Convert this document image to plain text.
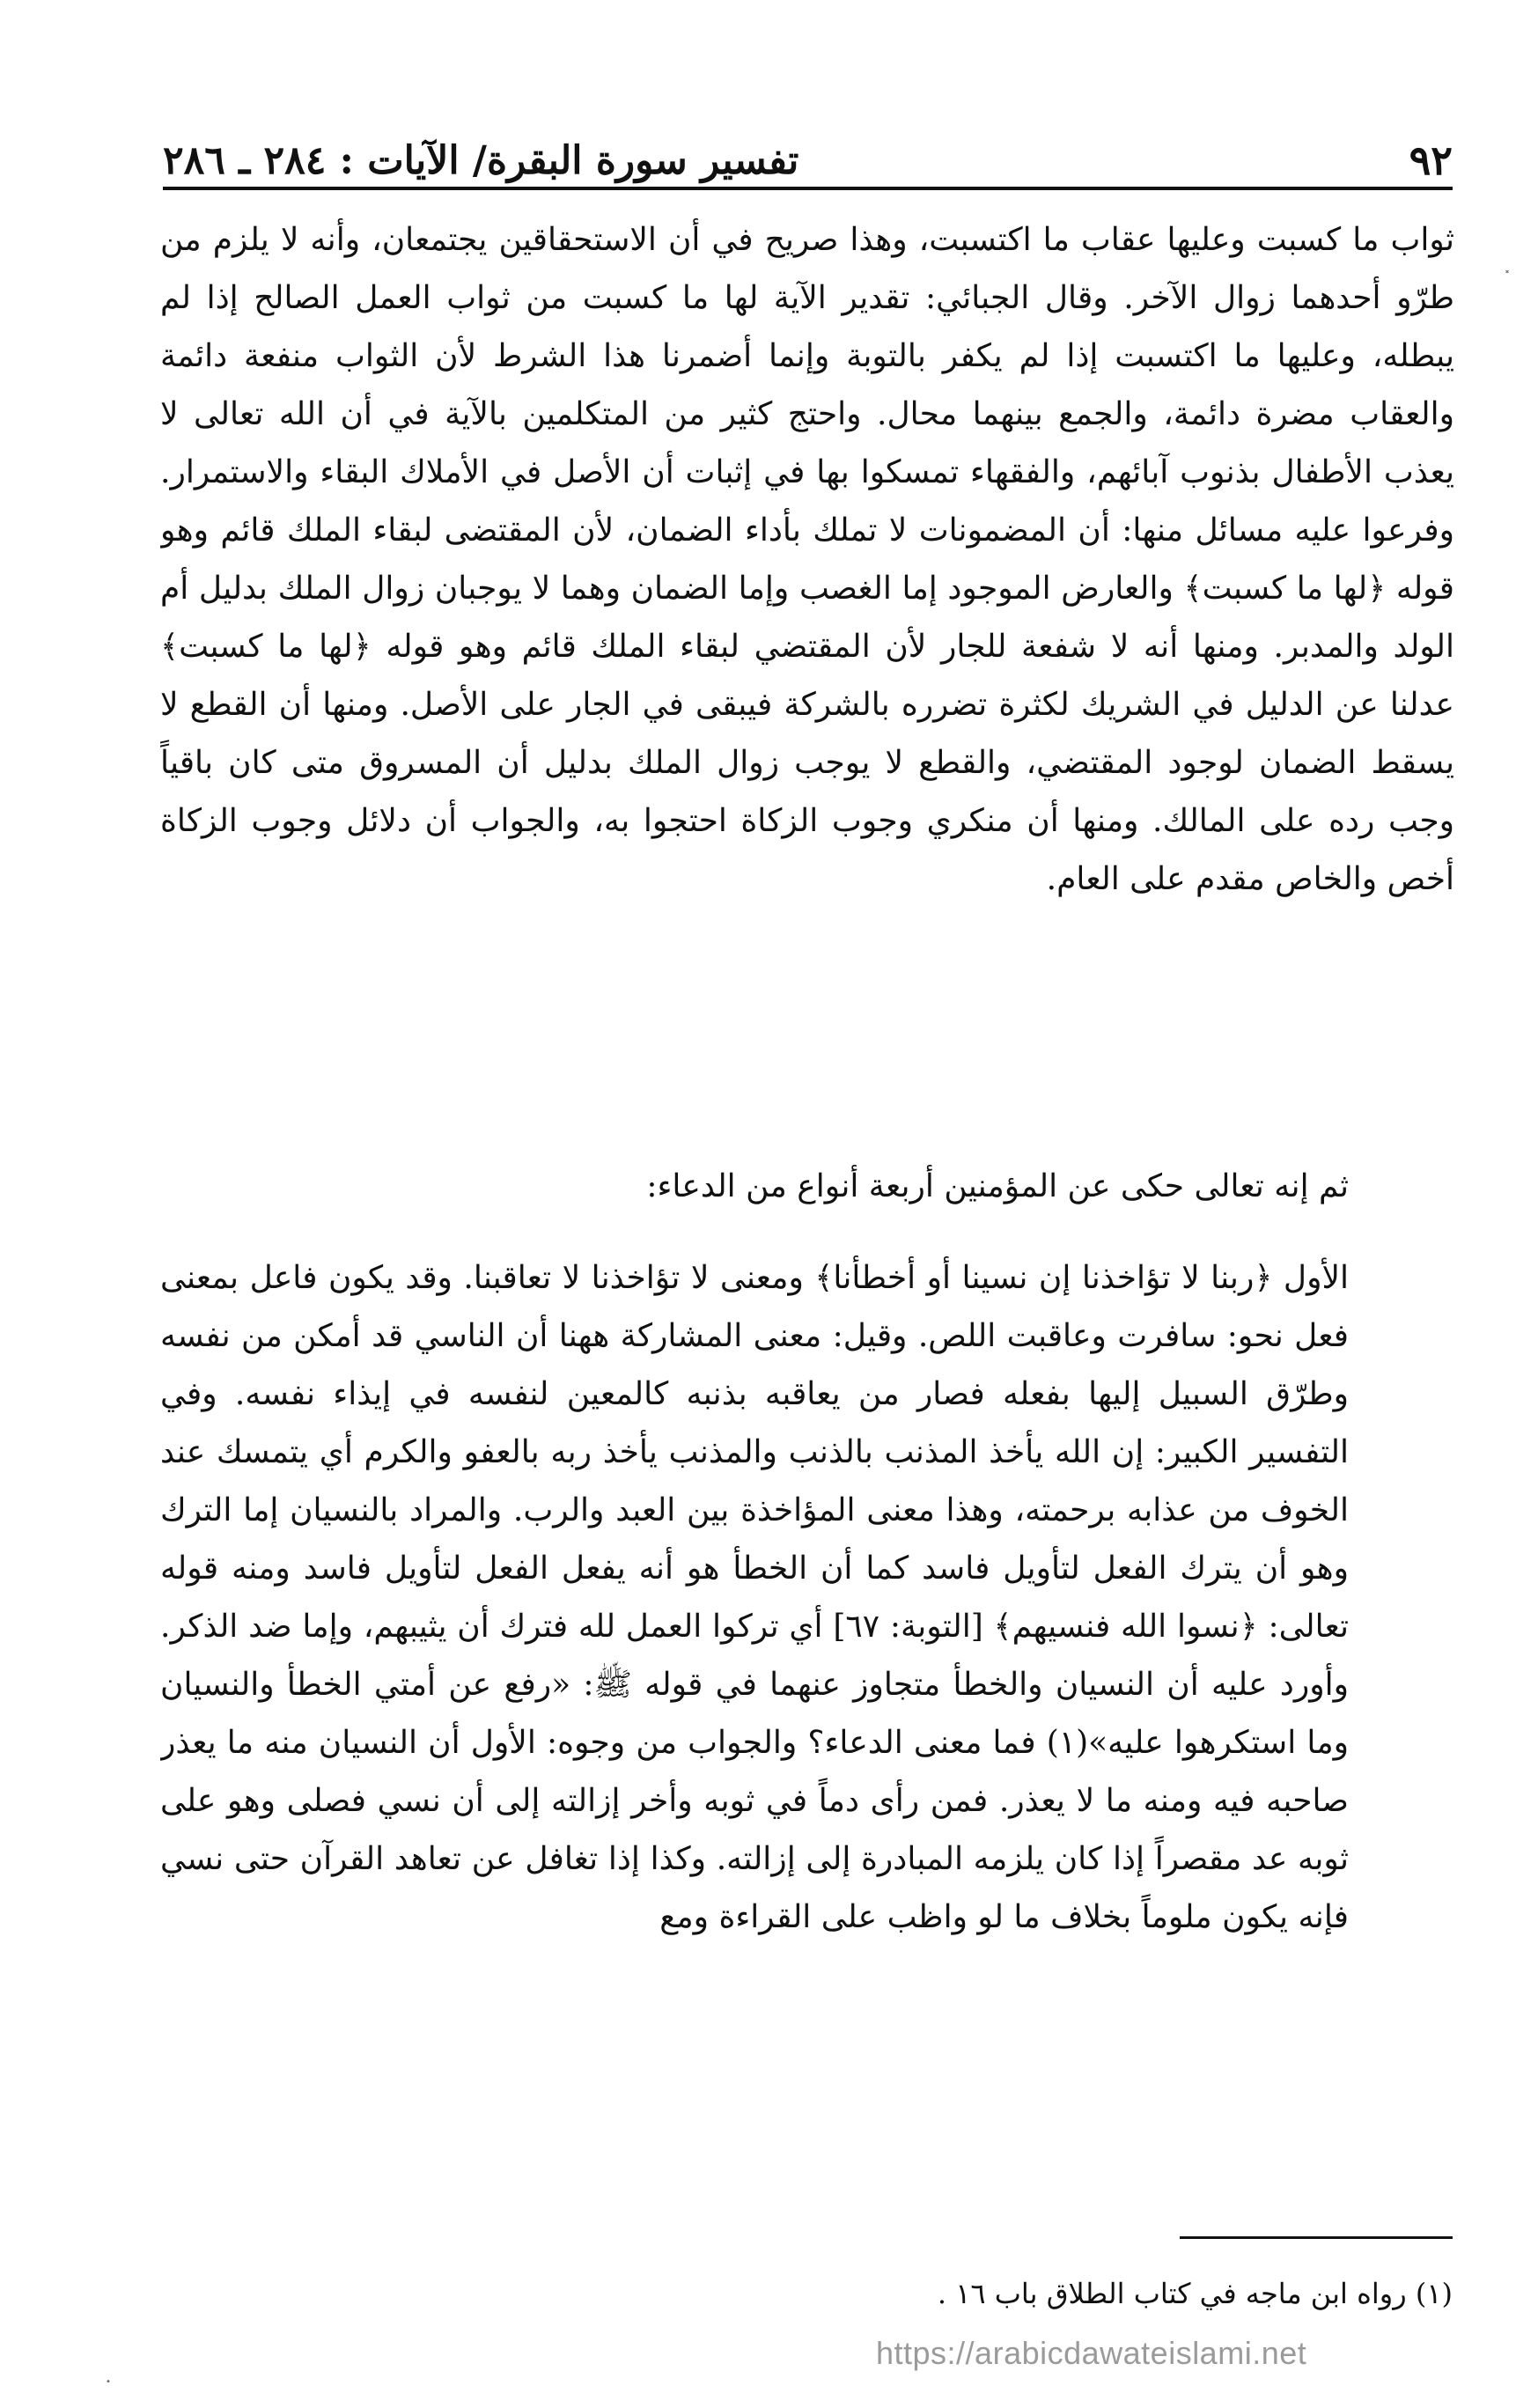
٩٢
تفسير سورة البقرة/ الآيات : ٢٨٤ ـ ٢٨٦
˟

ثواب ما كسبت وعليها عقاب ما اكتسبت، وهذا صريح في أن الاستحقاقين يجتمعان، وأنه لا يلزم من طرّو أحدهما زوال الآخر. وقال الجبائي: تقدير الآية لها ما كسبت من ثواب العمل الصالح إذا لم يبطله، وعليها ما اكتسبت إذا لم يكفر بالتوبة وإنما أضمرنا هذا الشرط لأن الثواب منفعة دائمة والعقاب مضرة دائمة، والجمع بينهما محال. واحتج كثير من المتكلمين بالآية في أن الله تعالى لا يعذب الأطفال بذنوب آبائهم، والفقهاء تمسكوا بها في إثبات أن الأصل في الأملاك البقاء والاستمرار. وفرعوا عليه مسائل منها: أن المضمونات لا تملك بأداء الضمان، لأن المقتضى لبقاء الملك قائم وهو قوله ﴿لها ما كسبت﴾ والعارض الموجود إما الغصب وإما الضمان وهما لا يوجبان زوال الملك بدليل أم الولد والمدبر. ومنها أنه لا شفعة للجار لأن المقتضي لبقاء الملك قائم وهو قوله ﴿لها ما كسبت﴾ عدلنا عن الدليل في الشريك لكثرة تضرره بالشركة فيبقى في الجار على الأصل. ومنها أن القطع لا يسقط الضمان لوجود المقتضي، والقطع لا يوجب زوال الملك بدليل أن المسروق متى كان باقياً وجب رده على المالك. ومنها أن منكري وجوب الزكاة احتجوا به، والجواب أن دلائل وجوب الزكاة أخص والخاص مقدم على العام.

ثم إنه تعالى حكى عن المؤمنين أربعة أنواع من الدعاء:

الأول ﴿ربنا لا تؤاخذنا إن نسينا أو أخطأنا﴾ ومعنى لا تؤاخذنا لا تعاقبنا. وقد يكون فاعل بمعنى فعل نحو: سافرت وعاقبت اللص. وقيل: معنى المشاركة ههنا أن الناسي قد أمكن من نفسه وطرّق السبيل إليها بفعله فصار من يعاقبه بذنبه كالمعين لنفسه في إيذاء نفسه. وفي التفسير الكبير: إن الله يأخذ المذنب بالذنب والمذنب يأخذ ربه بالعفو والكرم أي يتمسك عند الخوف من عذابه برحمته، وهذا معنى المؤاخذة بين العبد والرب. والمراد بالنسيان إما الترك وهو أن يترك الفعل لتأويل فاسد كما أن الخطأ هو أنه يفعل الفعل لتأويل فاسد ومنه قوله تعالى: ﴿نسوا الله فنسيهم﴾ [التوبة: ٦٧] أي تركوا العمل لله فترك أن يثيبهم، وإما ضد الذكر. وأورد عليه أن النسيان والخطأ متجاوز عنهما في قوله ﷺ: «رفع عن أمتي الخطأ والنسيان وما استكرهوا عليه»(١) فما معنى الدعاء؟ والجواب من وجوه: الأول أن النسيان منه ما يعذر صاحبه فيه ومنه ما لا يعذر. فمن رأى دماً في ثوبه وأخر إزالته إلى أن نسي فصلى وهو على ثوبه عد مقصراً إذا كان يلزمه المبادرة إلى إزالته. وكذا إذا تغافل عن تعاهد القرآن حتى نسي فإنه يكون ملوماً بخلاف ما لو واظب على القراءة ومع

(١) رواه ابن ماجه في كتاب الطلاق باب ١٦ .
https://arabicdawateislami.net
•
